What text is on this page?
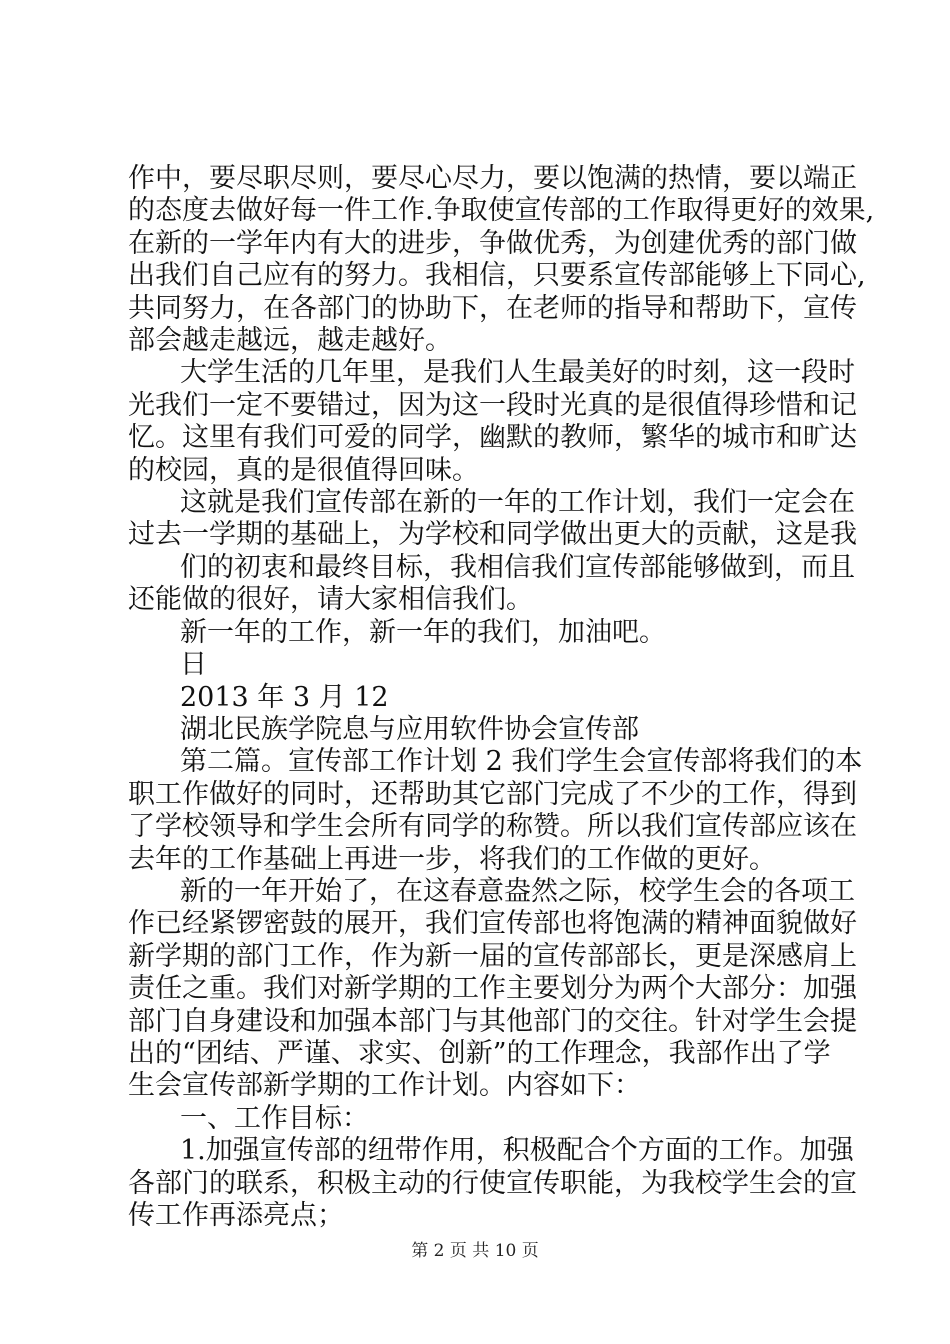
作中，要尽职尽则，要尽心尽力，要以饱满的热情，要以端正
的态度去做好每一件工作.争取使宣传部的工作取得更好的效果,
在新的一学年内有大的进步，争做优秀，为创建优秀的部门做
出我们自己应有的努力。我相信，只要系宣传部能够上下同心,
共同努力，在各部门的协助下，在老师的指导和帮助下，宣传
部会越走越远，越走越好。
大学生活的几年里，是我们人生最美好的时刻，这一段时
光我们一定不要错过，因为这一段时光真的是很值得珍惜和记
忆。这里有我们可爱的同学，幽默的教师，繁华的城市和旷达
的校园，真的是很值得回味。
这就是我们宣传部在新的一年的工作计划，我们一定会在
过去一学期的基础上，为学校和同学做出更大的贡献，这是我
们的初衷和最终目标，我相信我们宣传部能够做到，而且
还能做的很好，请大家相信我们。
新一年的工作，新一年的我们，加油吧。
日
2013 年 3 月 12
湖北民族学院息与应用软件协会宣传部
第二篇。宣传部工作计划 2 我们学生会宣传部将我们的本
职工作做好的同时，还帮助其它部门完成了不少的工作，得到
了学校领导和学生会所有同学的称赞。所以我们宣传部应该在
去年的工作基础上再进一步，将我们的工作做的更好。
新的一年开始了，在这春意盎然之际，校学生会的各项工
作已经紧锣密鼓的展开，我们宣传部也将饱满的精神面貌做好
新学期的部门工作，作为新一届的宣传部部长，更是深感肩上
责任之重。我们对新学期的工作主要划分为两个大部分：加强
部门自身建设和加强本部门与其他部门的交往。针对学生会提
出的“团结、严谨、求实、创新”的工作理念，我部作出了学
生会宣传部新学期的工作计划。内容如下：
一、工作目标：
1.加强宣传部的纽带作用，积极配合个方面的工作。加强
各部门的联系，积极主动的行使宣传职能，为我校学生会的宣
传工作再添亮点；
第 2 页 共 10 页
